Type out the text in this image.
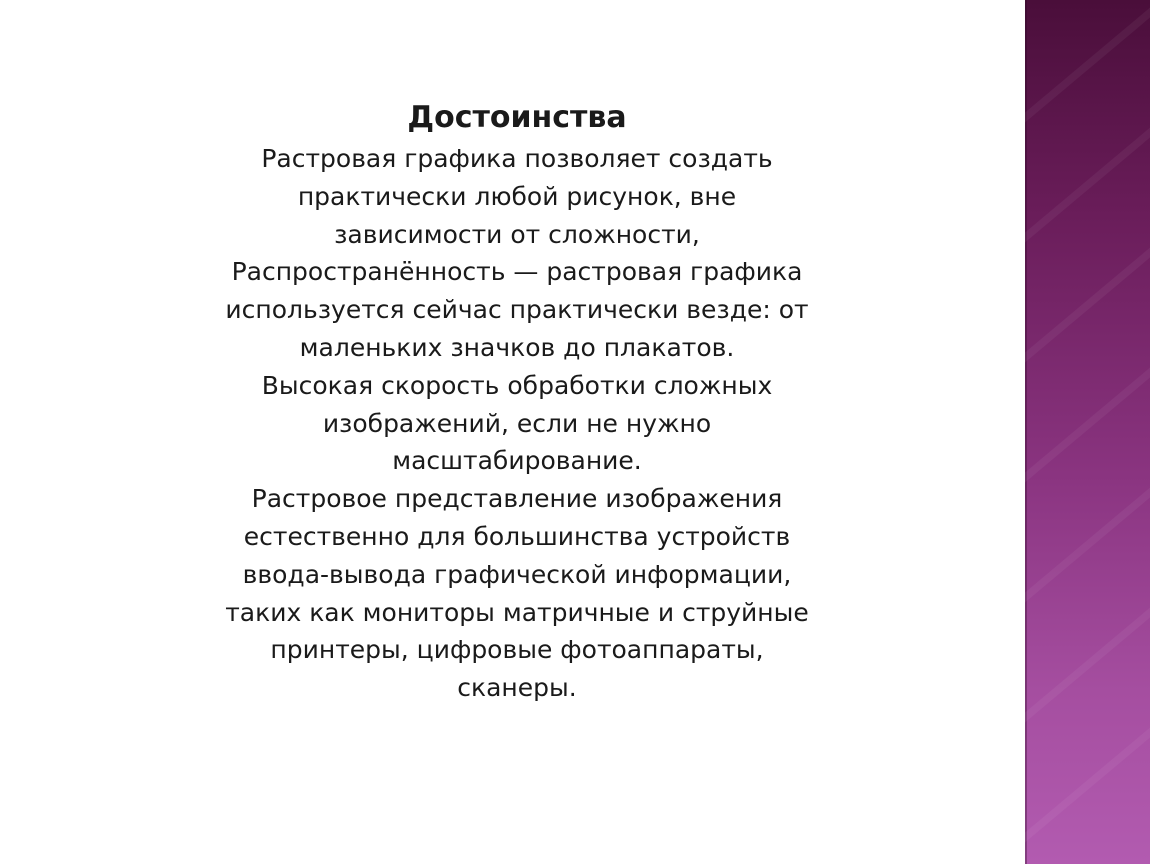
Достоинства

Растровая графика позволяет создать

практически любой рисунок, вне

зависимости от сложности,

Распространённость — растровая графика

используется сейчас практически везде: от

маленьких значков до плакатов.

Высокая скорость обработки сложных

изображений, если не нужно

масштабирование.

Растровое представление изображения

естественно для большинства устройств

ввода-вывода графической информации,

таких как мониторы матричные и струйные

принтеры, цифровые фотоаппараты,

сканеры.
